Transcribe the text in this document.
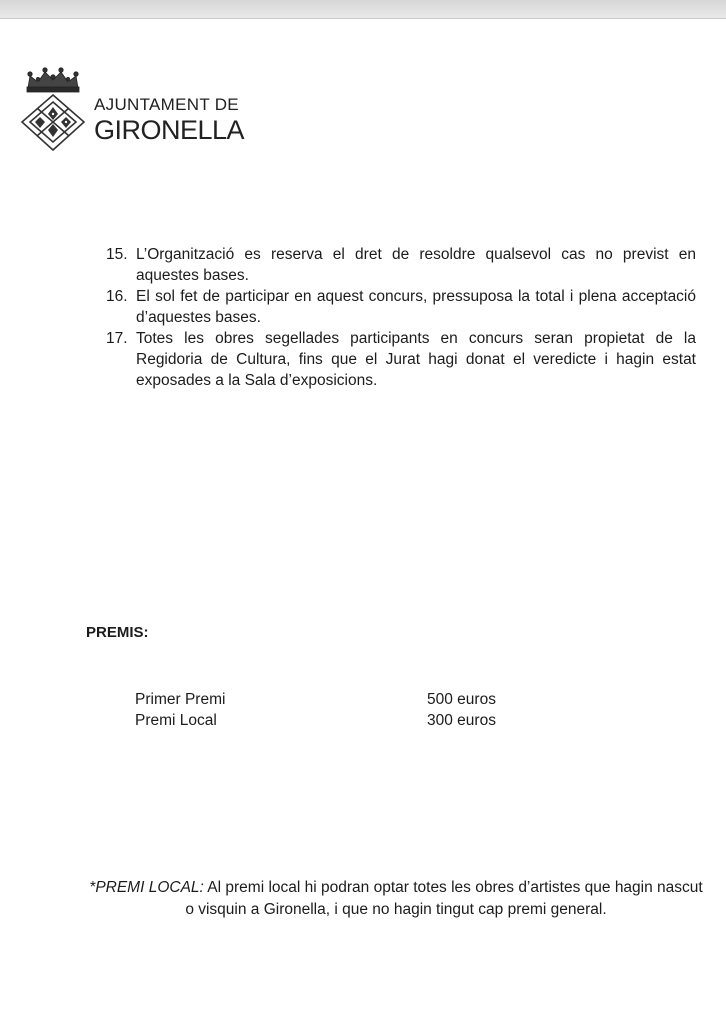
AJUNTAMENT DE
GIRONELLA
15. L’Organització es reserva el dret de resoldre qualsevol cas no previst en aquestes bases.
16. El sol fet de participar en aquest concurs, pressuposa la total i plena acceptació d’aquestes bases.
17. Totes les obres segellades participants en concurs seran propietat de la Regidoria de Cultura, fins que el Jurat hagi donat el veredicte i hagin estat exposades a la Sala d’exposicions.
PREMIS:
Primer Premi	500 euros
Premi Local	300 euros
*PREMI LOCAL: Al premi local hi podran optar totes les obres d’artistes que hagin nascut o visquin a Gironella, i que no hagin tingut cap premi general.
